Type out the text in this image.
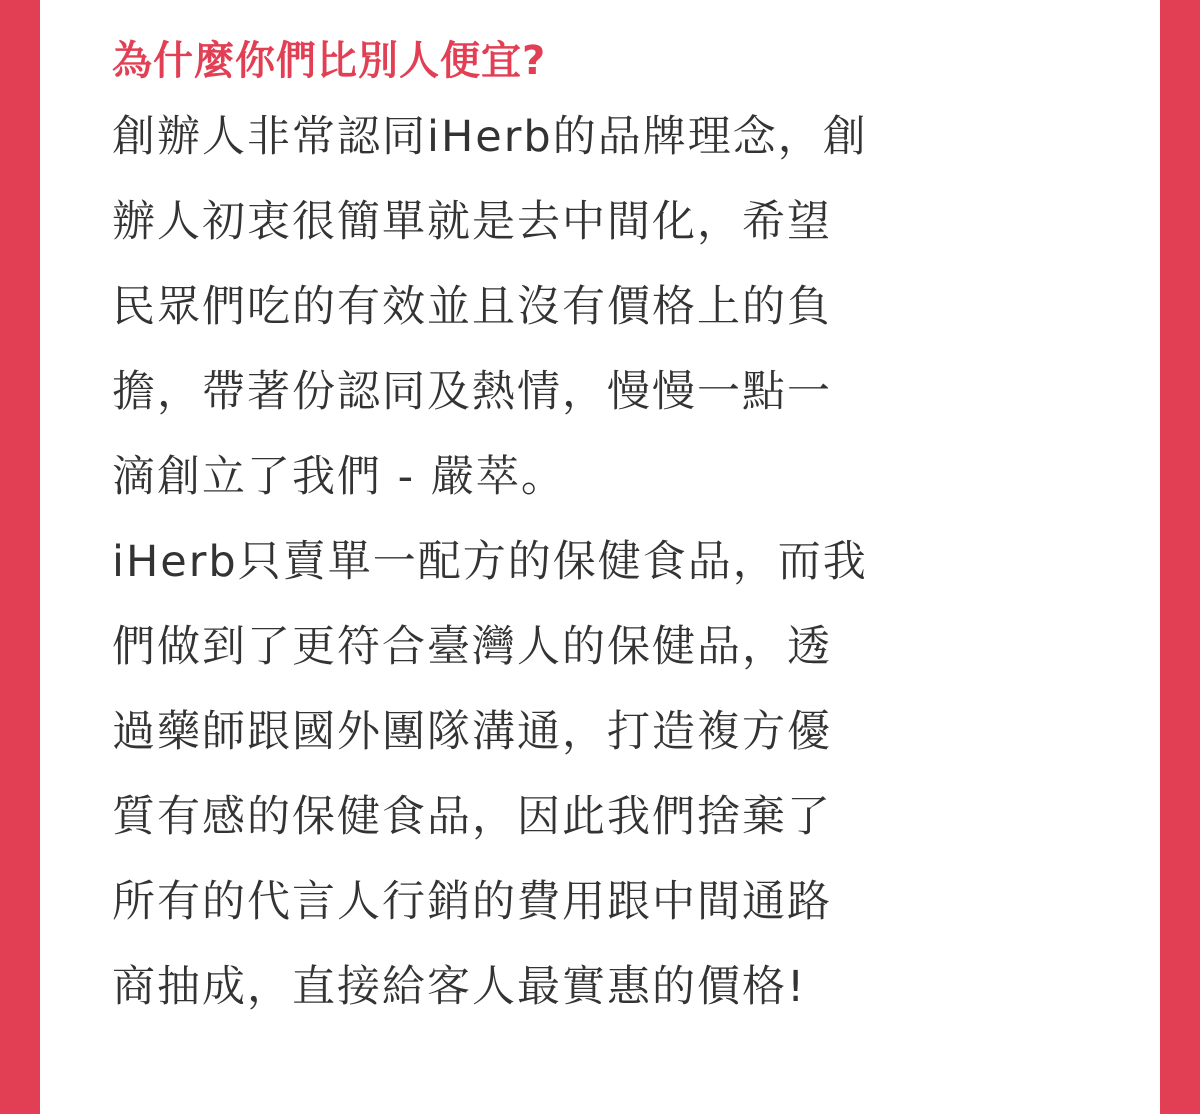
為什麼你們比別人便宜?

創辦人非常認同iHerb的品牌理念，創

辦人初衷很簡單就是去中間化，希望

民眾們吃的有效並且沒有價格上的負

擔，帶著份認同及熱情，慢慢一點一

滴創立了我們 - 嚴萃。

iHerb只賣單一配方的保健食品，而我

們做到了更符合臺灣人的保健品，透

過藥師跟國外團隊溝通，打造複方優

質有感的保健食品，因此我們捨棄了

所有的代言人行銷的費用跟中間通路

商抽成，直接給客人最實惠的價格!
